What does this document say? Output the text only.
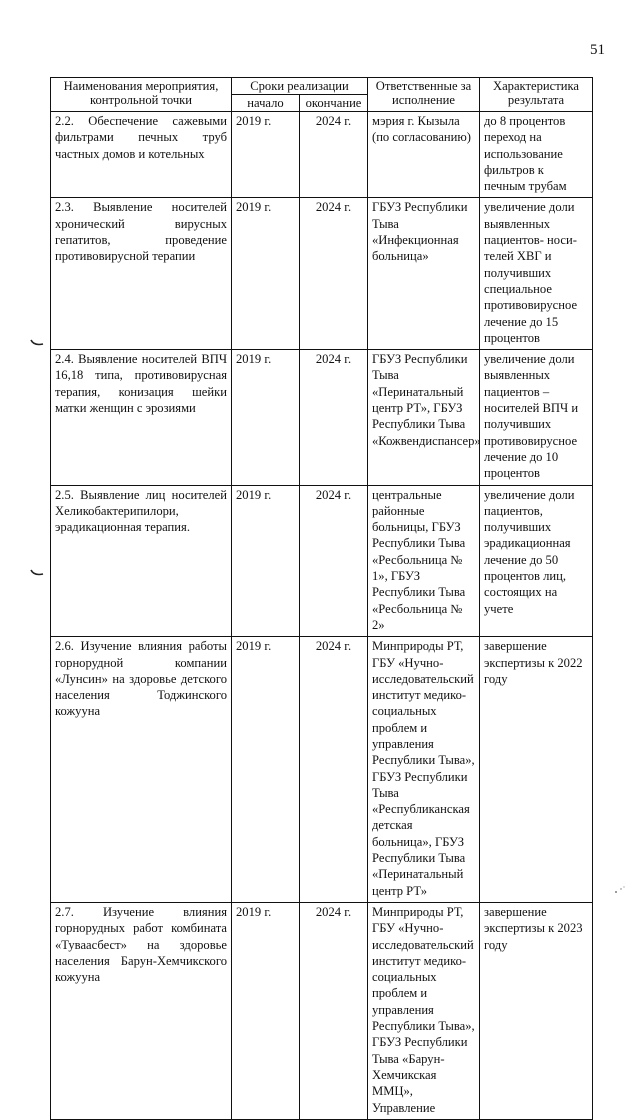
51
Наименования мероприятия, контрольной точки	Сроки реализации		Ответственные за исполнение	Характеристика результата
	начало	окончание		
2.2. Обеспечение сажевыми фильтрами печных труб частных домов и котельных	2019 г.	2024 г.	мэрия г. Кызыла (по согласованию)	до 8 процентов переход на использование фильтров к печным трубам
2.3. Выявление носителей хронический вирусных гепатитов, проведение противовирусной терапии	2019 г.	2024 г.	ГБУЗ Республики Тыва «Инфекционная больница»	увеличение доли выявленных пациентов- носи-телей ХВГ и получивших специальное противовирусное лечение до 15 процентов
2.4. Выявление носителей ВПЧ 16,18 типа, противовирусная терапия, конизация шейки матки женщин с эрозиями	2019 г.	2024 г.	ГБУЗ Республики Тыва «Перинатальный центр РТ», ГБУЗ Республики Тыва «Кожвендиспансер»	увеличение доли выявленных пациентов – носителей ВПЧ и получивших противовирусное лечение до 10 процентов
2.5. Выявление лиц носителей Хеликобактерипилори, эрадикационная терапия.	2019 г.	2024 г.	центральные районные больницы, ГБУЗ Республики Тыва «Ресбольница № 1», ГБУЗ Республики Тыва «Ресбольница № 2»	увеличение доли пациентов, получивших эрадикационная лечение до 50 процентов лиц, состоящих на учете
2.6. Изучение влияния работы горнорудной компании «Лунсин» на здоровье детского населения Тоджинского кожууна	2019 г.	2024 г.	Минприроды РТ, ГБУ «Нучно-исследовательский институт медико-социальных проблем и управления Республики Тыва», ГБУЗ Республики Тыва «Республиканская детская больница», ГБУЗ Республики Тыва «Перинатальный центр РТ»	завершение экспертизы к 2022 году
2.7. Изучение влияния горнорудных работ комбината «Туваасбест» на здоровье населения Барун-Хемчикского кожууна	2019 г.	2024 г.	Минприроды РТ, ГБУ «Нучно-исследовательский институт медико-социальных проблем и управления Республики Тыва», ГБУЗ Республики Тыва «Барун-Хемчикская ММЦ», Управление	завершение экспертизы к 2023 году
